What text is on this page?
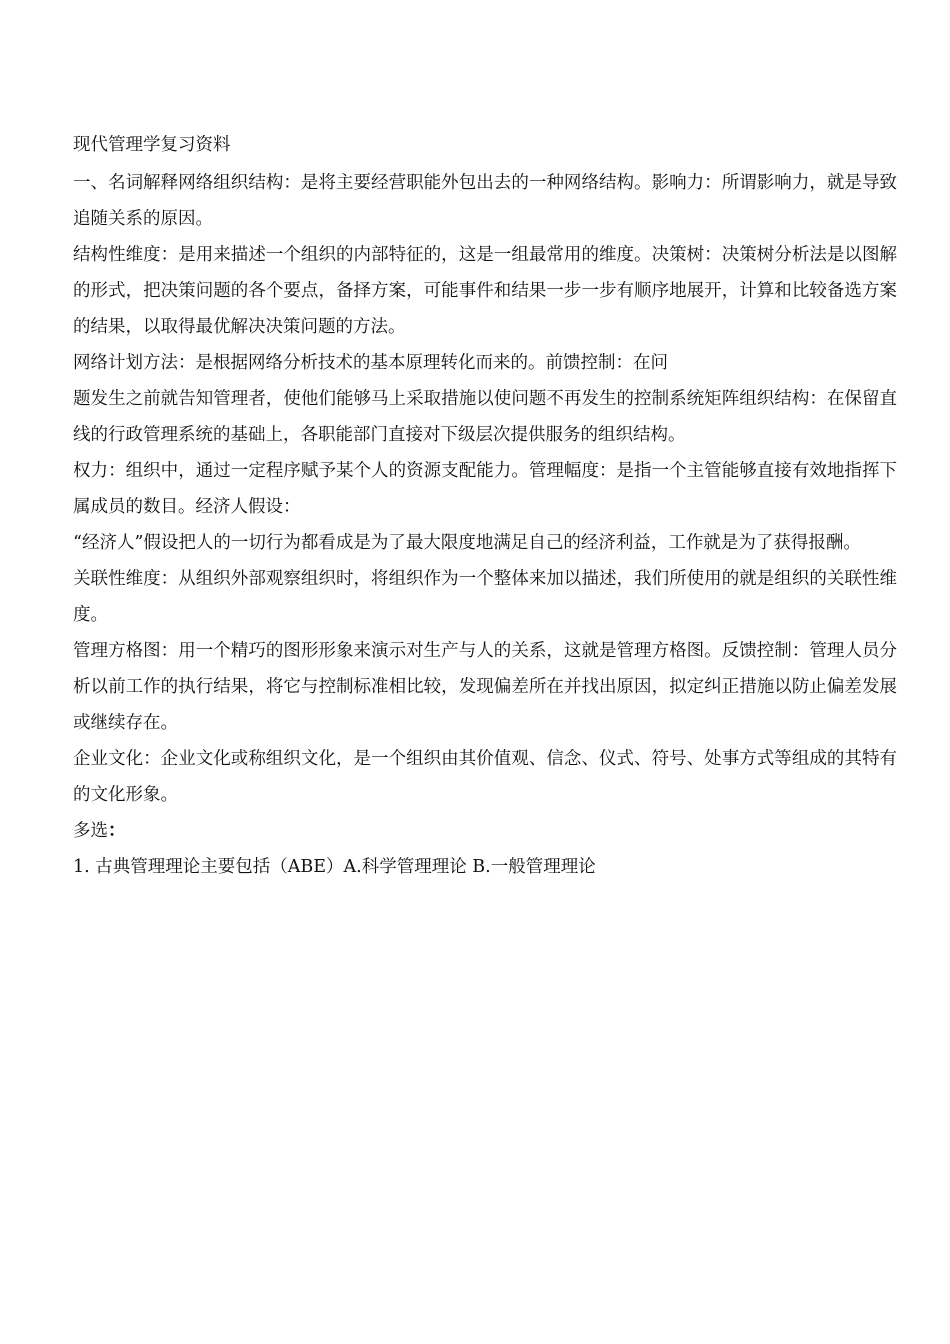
现代管理学复习资料

一、名词解释网络组织结构：是将主要经营职能外包出去的一种网络结构。影响力：所谓影响力，就是导致追随关系的原因。

结构性维度：是用来描述一个组织的内部特征的，这是一组最常用的维度。决策树：决策树分析法是以图解的形式，把决策问题的各个要点，备择方案，可能事件和结果一步一步有顺序地展开，计算和比较备选方案的结果，以取得最优解决决策问题的方法。

网络计划方法：是根据网络分析技术的基本原理转化而来的。前馈控制：在问

题发生之前就告知管理者，使他们能够马上采取措施以使问题不再发生的控制系统矩阵组织结构：在保留直线的行政管理系统的基础上，各职能部门直接对下级层次提供服务的组织结构。

权力：组织中，通过一定程序赋予某个人的资源支配能力。管理幅度：是指一个主管能够直接有效地指挥下属成员的数目。经济人假设：

“经济人”假设把人的一切行为都看成是为了最大限度地满足自己的经济利益，工作就是为了获得报酬。

关联性维度：从组织外部观察组织时，将组织作为一个整体来加以描述，我们所使用的就是组织的关联性维度。

管理方格图：用一个精巧的图形形象来演示对生产与人的关系，这就是管理方格图。反馈控制：管理人员分析以前工作的执行结果，将它与控制标准相比较，发现偏差所在并找出原因，拟定纠正措施以防止偏差发展或继续存在。

企业文化：企业文化或称组织文化，是一个组织由其价值观、信念、仪式、符号、处事方式等组成的其特有的文化形象。

多选：

1. 古典管理理论主要包括（ABE）A.科学管理理论 B.一般管理理论
